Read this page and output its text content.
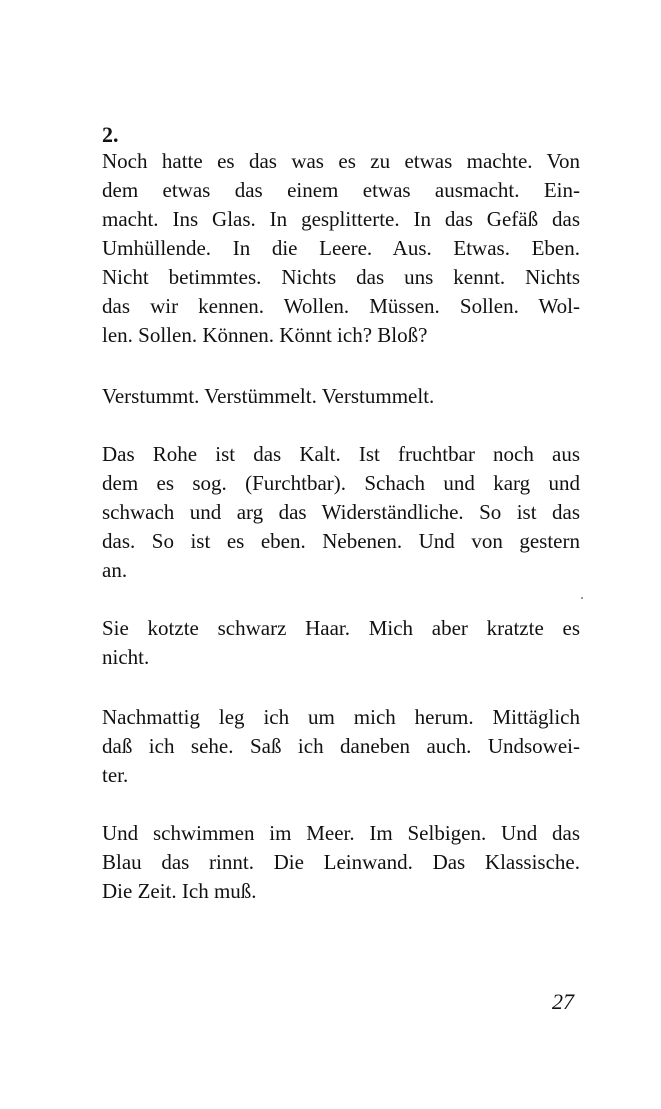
2.
Noch hatte es das was es zu etwas machte. Von
dem etwas das einem etwas ausmacht. Ein-
macht. Ins Glas. In gesplitterte. In das Gefäß das
Umhüllende. In die Leere. Aus. Etwas. Eben.
Nicht betimmtes. Nichts das uns kennt. Nichts
das wir kennen. Wollen. Müssen. Sollen. Wol-
len. Sollen. Können. Könnt ich? Bloß?
Verstummt. Verstümmelt. Verstummelt.
Das Rohe ist das Kalt. Ist fruchtbar noch aus
dem es sog. (Furchtbar). Schach und karg und
schwach und arg das Widerständliche. So ist das
das. So ist es eben. Nebenen. Und von gestern
an.
Sie kotzte schwarz Haar. Mich aber kratzte es
nicht.
Nachmattig leg ich um mich herum. Mittäglich
daß ich sehe. Saß ich daneben auch. Undsowei-
ter.
Und schwimmen im Meer. Im Selbigen. Und das
Blau das rinnt. Die Leinwand. Das Klassische.
Die Zeit. Ich muß.
27
